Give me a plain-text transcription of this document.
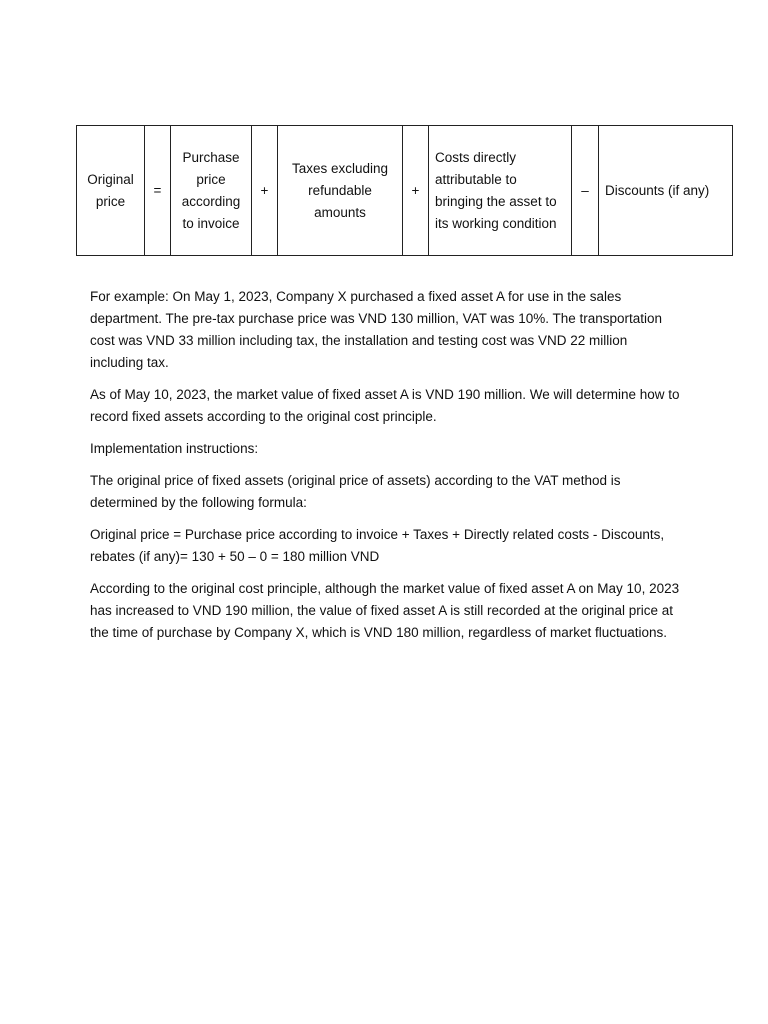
Original price	=	Purchase price according to invoice	+	Taxes excluding refundable amounts	+	Costs directly attributable to bringing the asset to its working condition	–	Discounts (if any)

For example: On May 1, 2023, Company X purchased a fixed asset A for use in the sales department. The pre-tax purchase price was VND 130 million, VAT was 10%. The transportation cost was VND 33 million including tax, the installation and testing cost was VND 22 million including tax.

As of May 10, 2023, the market value of fixed asset A is VND 190 million. We will determine how to record fixed assets according to the original cost principle.

Implementation instructions:

The original price of fixed assets (original price of assets) according to the VAT method is determined by the following formula:

Original price = Purchase price according to invoice + Taxes + Directly related costs - Discounts, rebates (if any)= 130 + 50 – 0 = 180 million VND

According to the original cost principle, although the market value of fixed asset A on May 10, 2023 has increased to VND 190 million, the value of fixed asset A is still recorded at the original price at the time of purchase by Company X, which is VND 180 million, regardless of market fluctuations.
